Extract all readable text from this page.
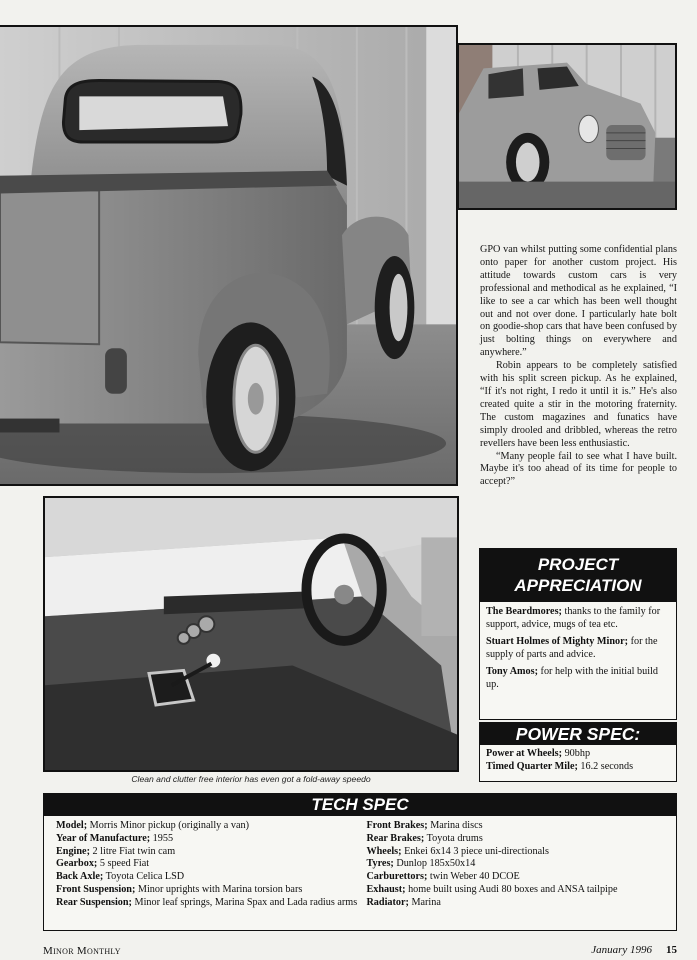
Clean and clutter free interior has even got a fold-away speedo

GPO van whilst putting some confidential plans onto paper for another custom project. His attitude towards custom cars is very professional and methodical as he explained, “I like to see a car which has been well thought out and not over done. I particularly hate bolt on goodie-shop cars that have been confused by just bolting things on everywhere and anywhere.”

Robin appears to be completely satisfied with his split screen pickup. As he explained, “If it's not right, I redo it until it is.” He's also created quite a stir in the motoring fraternity. The custom magazines and funatics have simply drooled and dribbled, whereas the retro revellers have been less enthusiastic.

“Many people fail to see what I have built. Maybe it's too ahead of its time for people to accept?”

PROJECT
APPRECIATION
The Beardmores; thanks to the family for support, advice, mugs of tea etc.
Stuart Holmes of Mighty Minor; for the supply of parts and advice.
Tony Amos; for help with the initial build up.
POWER SPEC:
Power at Wheels; 90bhp
Timed Quarter Mile; 16.2 seconds
TECH SPEC
Model; Morris Minor pickup (originally a van)
Year of Manufacture; 1955
Engine; 2 litre Fiat twin cam
Gearbox; 5 speed Fiat
Back Axle; Toyota Celica LSD
Front Suspension; Minor uprights with Marina torsion bars
Rear Suspension; Minor leaf springs, Marina Spax and Lada radius arms
Front Brakes; Marina discs
Rear Brakes; Toyota drums
Wheels; Enkei 6x14 3 piece uni-directionals
Tyres; Dunlop 185x50x14
Carburettors; twin Weber 40 DCOE
Exhaust; home built using Audi 80 boxes and ANSA tailpipe
Radiator; Marina
Minor Monthly	January 1996 15
